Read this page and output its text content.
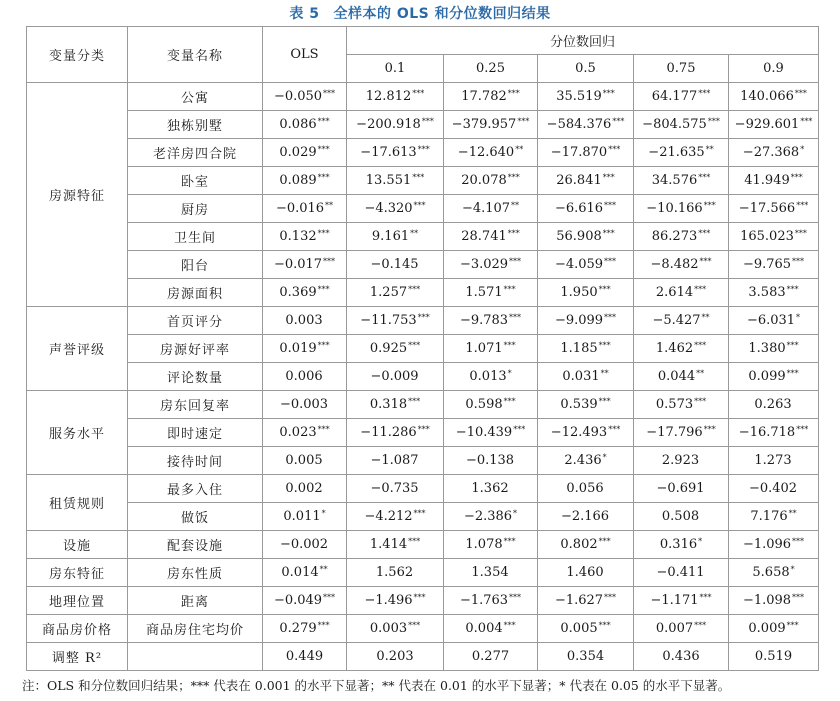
表 5 全样本的 OLS 和分位数回归结果
变量分类	变量名称	OLS	分位数回归				
			0.1	0.25	0.5	0.75	0.9
房源特征	公寓	−0.050***	12.812***	17.782***	35.519***	64.177***	140.066***
	独栋别墅	0.086***	−200.918***	−379.957***	−584.376***	−804.575***	−929.601***
	老洋房四合院	0.029***	−17.613***	−12.640**	−17.870***	−21.635**	−27.368*
	卧室	0.089***	13.551***	20.078***	26.841***	34.576***	41.949***
	厨房	−0.016**	−4.320***	−4.107**	−6.616***	−10.166***	−17.566***
	卫生间	0.132***	9.161**	28.741***	56.908***	86.273***	165.023***
	阳台	−0.017***	−0.145	−3.029***	−4.059***	−8.482***	−9.765***
	房源面积	0.369***	1.257***	1.571***	1.950***	2.614***	3.583***
声誉评级	首页评分	0.003	−11.753***	−9.783***	−9.099***	−5.427**	−6.031*
	房源好评率	0.019***	0.925***	1.071***	1.185***	1.462***	1.380***
	评论数量	0.006	−0.009	0.013*	0.031**	0.044**	0.099***
服务水平	房东回复率	−0.003	0.318***	0.598***	0.539***	0.573***	0.263
	即时速定	0.023***	−11.286***	−10.439***	−12.493***	−17.796***	−16.718***
	接待时间	0.005	−1.087	−0.138	2.436*	2.923	1.273
租赁规则	最多入住	0.002	−0.735	1.362	0.056	−0.691	−0.402
	做饭	0.011*	−4.212***	−2.386*	−2.166	0.508	7.176**
设施	配套设施	−0.002	1.414***	1.078***	0.802***	0.316*	−1.096***
房东特征	房东性质	0.014**	1.562	1.354	1.460	−0.411	5.658*
地理位置	距离	−0.049***	−1.496***	−1.763***	−1.627***	−1.171***	−1.098***
商品房价格	商品房住宅均价	0.279***	0.003***	0.004***	0.005***	0.007***	0.009***
调整 R²		0.449	0.203	0.277	0.354	0.436	0.519
注：OLS 和分位数回归结果；*** 代表在 0.001 的水平下显著；** 代表在 0.01 的水平下显著；* 代表在 0.05 的水平下显著。
